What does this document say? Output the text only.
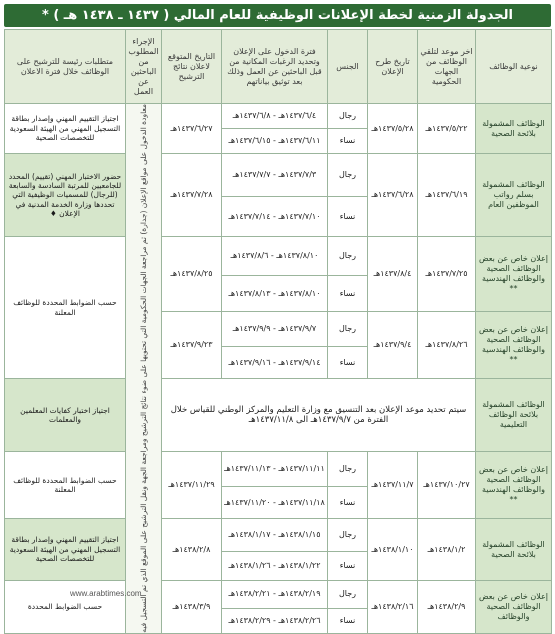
الجدولة الزمنية لخطة الإعلانات الوظيفية للعام المالي ( ١٤٣٧ ـ ١٤٣٨ هـ ) *
نوعية الوظائف	اخر موعد لتلقي الوظائف من الجهات الحكومية	تاريخ طرح الإعلان	الجنس	فترة الدخول على الإعلان وتحديد الرغبات المكانية من قبل الباحثين عن العمل وذلك بعد توثيق بياناتهم	التاريخ المتوقع لاعلان نتائج الترشيح	الإجراء المطلوب من الباحثين عن العمل	متطلبات رئيسة للترشيح على الوظائف خلال فترة الاعلان
الوظائف المشمولة بلائحة الصحية	١٤٣٧/٥/٢٢هـ	١٤٣٧/٥/٢٨هـ	رجال	١٤٣٧/٦/٤هـ - ١٤٣٧/٦/٨هـ	١٤٣٧/٦/٢٧هـ	معاودة الدخول على مواقع الإعلان (جدارة) ثم مراجعة الجهات الحكومية التي تحتويها على ضوء نتائج الترشيح ومراجعة الجهة ونقل الترشيح على الموقع الذي تم التسجيل فيه	اجتياز التقييم المهني وإصدار بطاقة التسجيل المهني من الهيئة السعودية للتخصصات الصحية
			نساء	١٤٣٧/٦/١١هـ - ١٤٣٧/٦/١٥هـ			
الوظائف المشمولة بسلم رواتب الموظفين العام	١٤٣٧/٦/١٩هـ	١٤٣٧/٦/٢٨هـ	رجال	١٤٣٧/٧/٣هـ - ١٤٣٧/٧/٧هـ	١٤٣٧/٧/٢٨هـ		حضور الاختبار المهني (تقييم) المحدد للجامعيين للمرتبة السادسة والسابعة (للرجال) للمسميات الوظيفية التي تحددها وزارة الخدمة المدنية في الإعلان ♦
			نساء	١٤٣٧/٧/١٠هـ - ١٤٣٧/٧/١٤هـ			
إعلان خاص عن بعض الوظائف الصحية والوظائف الهندسية **	١٤٣٧/٧/٢٥هـ	١٤٣٧/٨/٤هـ	رجال	١٤٣٧/٨/١٠هـ - ١٤٣٧/٨/٦هـ	١٤٣٧/٨/٢٥هـ		حسب الضوابط المحددة للوظائف المعلنة
			نساء	١٤٣٧/٨/١٠هـ - ١٤٣٧/٨/١٣هـ			
إعلان خاص عن بعض الوظائف الصحية والوظائف الهندسية **	١٤٣٧/٨/٢٦هـ	١٤٣٧/٩/٤هـ	رجال	١٤٣٧/٩/٧هـ - ١٤٣٧/٩/٩هـ	١٤٣٧/٩/٢٣هـ		
			نساء	١٤٣٧/٩/١٤هـ - ١٤٣٧/٩/١٦هـ			
الوظائف المشمولة بلائحة الوظائف التعليمية	سيتم تحديد موعد الإعلان بعد التنسيق مع وزارة التعليم والمركز الوطني للقياس خلال الفترة من ١٤٣٧/٩/٧هـ الى ١٤٣٧/١١/٨هـ						اجتياز اختبار كفايات المعلمين والمعلمات

إعلان خاص عن بعض الوظائف الصحية والوظائف الهندسية **	١٤٣٧/١٠/٢٧هـ	١٤٣٧/١١/٧هـ	رجال	١٤٣٧/١١/١١هـ - ١٤٣٧/١١/١٣هـ	١٤٣٧/١١/٢٩هـ		حسب الضوابط المحددة للوظائف المعلنة
			نساء	١٤٣٧/١١/١٨هـ - ١٤٣٧/١١/٢٠هـ			
الوظائف المشمولة بلائحة الصحية	١٤٣٨/١/٢هـ	١٤٣٨/١/١٠هـ	رجال	١٤٣٨/١/١٥هـ - ١٤٣٨/١/١٧هـ	١٤٣٨/٢/٨هـ		اجتياز التقييم المهني وإصدار بطاقة التسجيل المهني من الهيئة السعودية للتخصصات الصحية
			نساء	١٤٣٨/١/٢٢هـ - ١٤٣٨/١/٢٦هـ			
إعلان خاص عن بعض الوظائف الصحية والوظائف	١٤٣٨/٢/٩هـ	١٤٣٨/٢/١٦هـ	رجال	١٤٣٨/٢/١٩هـ - ١٤٣٨/٢/٢١هـ	١٤٣٨/٣/٩هـ		حسب الضوابط المحددة
			نساء	١٤٣٨/٢/٢٦هـ - ١٤٣٨/٢/٢٩هـ			
www.arabtimes.com
